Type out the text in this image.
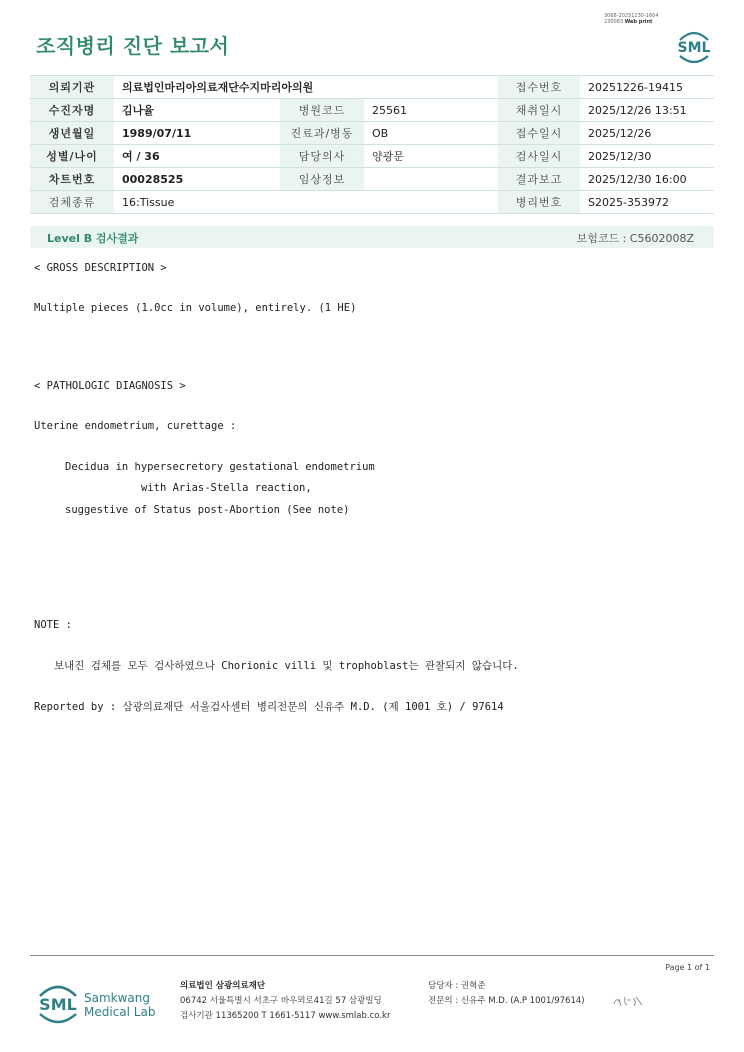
3068-20251230-1604
230083 Web print
조직병리 진단 보고서	SML
의뢰기관	의료법인마리아의료재단수지마리아의원			접수번호	20251226-19415
수진자명	김나율	병원코드	25561	채취일시	2025/12/26 13:51
생년월일	1989/07/11	진료과/병동	OB	접수일시	2025/12/26
성별/나이	여 / 36	담당의사	양광문	검사일시	2025/12/30
차트번호	00028525	임상정보		결과보고	2025/12/30 16:00
검체종류	16:Tissue			병리번호	S2025-353972
Level B 검사결과	보험코드 : C5602008Z
< GROSS DESCRIPTION >
Multiple pieces (1.0cc in volume), entirely. (1 HE)
< PATHOLOGIC DIAGNOSIS >
Uterine endometrium, curettage :
Decidua in hypersecretory gestational endometrium
with Arias-Stella reaction,
suggestive of Status post-Abortion (See note)
NOTE :
보내진 검체를 모두 검사하였으나 Chorionic villi 및 trophoblast는 관찰되지 않습니다.
Reported by : 삼광의료재단 서울검사센터 병리전문의 신유주 M.D. (제 1001 호) / 97614
Page 1 of 1
SML Samkwang
Medical Lab
의료법인 삼광의료재단
06742 서울특별시 서초구 바우뫼로41길 57 삼광빌딩
검사기관 11365200 T 1661-5117 www.smlab.co.kr
담당자 : 권혁준
전문의 : 신유주 M.D. (A.P 1001/97614)
